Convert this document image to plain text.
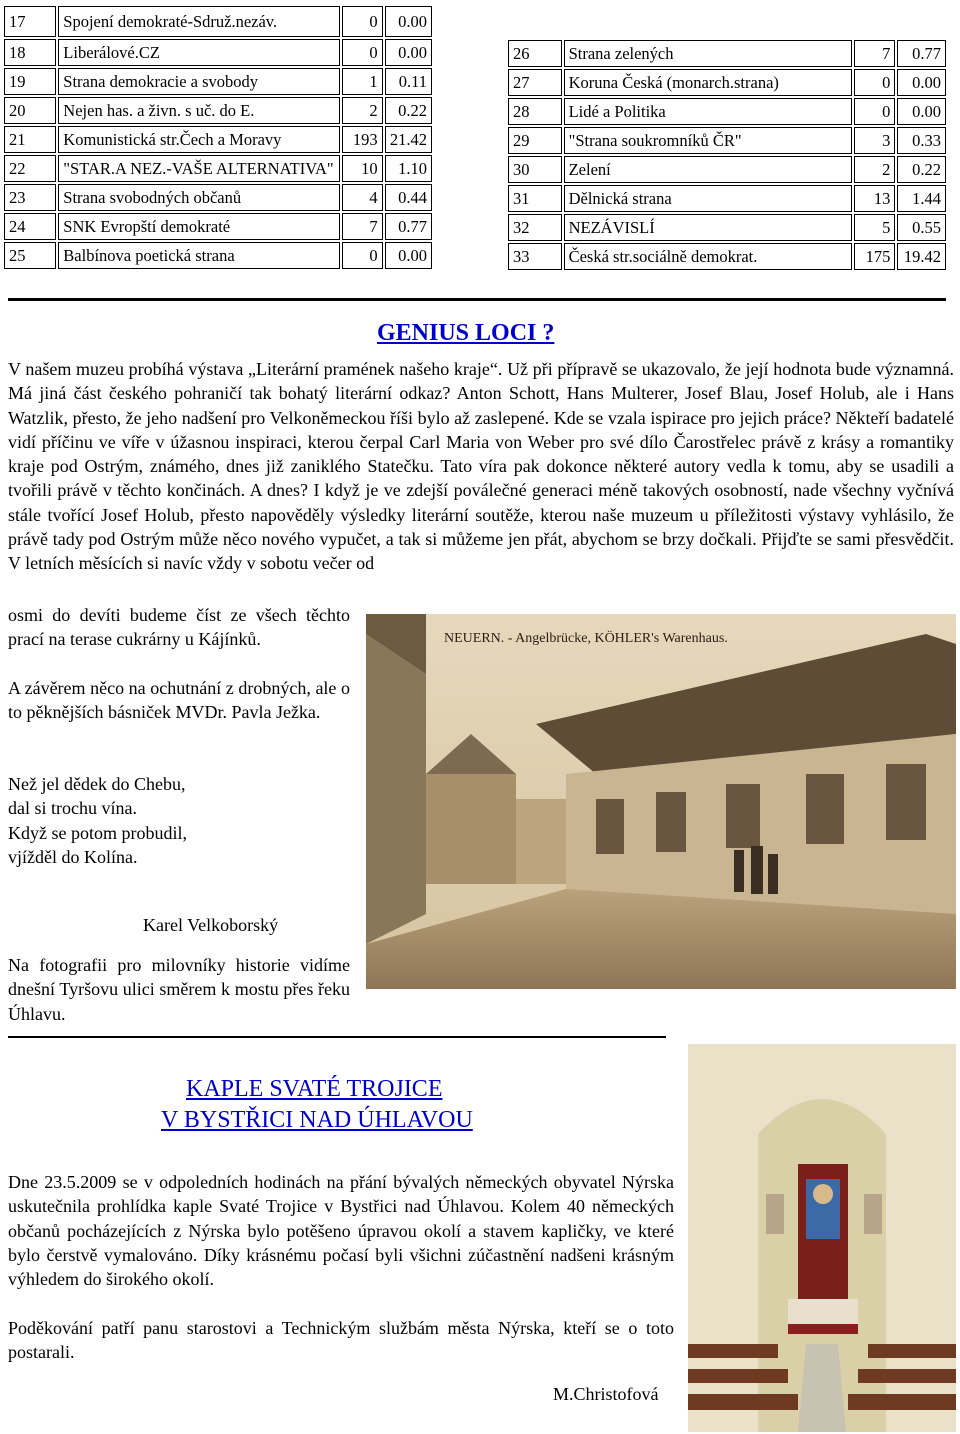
17	Spojení demokraté-Sdruž.nezáv.	0	0.00
18	Liberálové.CZ	0	0.00
19	Strana demokracie a svobody	1	0.11
20	Nejen has. a živn. s uč. do E.	2	0.22
21	Komunistická str.Čech a Moravy	193	21.42
22	"STAR.A NEZ.-VAŠE ALTERNATIVA"	10	1.10
23	Strana svobodných občanů	4	0.44
24	SNK Evropští demokraté	7	0.77
25	Balbínova poetická strana	0	0.00
26	Strana zelených	7	0.77
27	Koruna Česká (monarch.strana)	0	0.00
28	Lidé a Politika	0	0.00
29	"Strana soukromníků ČR"	3	0.33
30	Zelení	2	0.22
31	Dělnická strana	13	1.44
32	NEZÁVISLÍ	5	0.55
33	Česká str.sociálně demokrat.	175	19.42
GENIUS LOCI ?

V našem muzeu probíhá výstava „Literární pramének našeho kraje“. Už při přípravě se ukazovalo, že její hodnota bude významná. Má jiná část českého pohraničí tak bohatý literární odkaz? Anton Schott, Hans Multerer, Josef Blau, Josef Holub, ale i Hans Watzlik, přesto, že jeho nadšení pro Velkoněmeckou říši bylo až zaslepené. Kde se vzala ispirace pro jejich práce? Někteří badatelé vidí příčinu ve víře v úžasnou inspiraci, kterou čerpal Carl Maria von Weber pro své dílo Čarostřelec právě z krásy a romantiky kraje pod Ostrým, známého, dnes již zaniklého Statečku. Tato víra pak dokonce některé autory vedla k tomu, aby se usadili a tvořili právě v těchto končinách. A dnes? I když je ve zdejší poválečné generaci méně takových osobností, nade všechny vyčnívá stále tvořící Josef Holub, přesto napověděly výsledky literární soutěže, kterou naše muzeum u příležitosti výstavy vyhlásilo, že právě tady pod Ostrým může něco nového vypučet, a tak si můžeme jen přát, abychom se brzy dočkali. Přijďte se sami přesvědčit. V letních měsících si navíc vždy v sobotu večer od

osmi do devíti budeme číst ze všech těchto prací na terase cukrárny u Kájínků.

A závěrem něco na ochutnání z drobných, ale o to pěknějších básniček MVDr. Pavla Ježka.

Než jel dědek do Chebu,
dal si trochu vína.
Když se potom probudil,
vjížděl do Kolína.
Karel Velkoborský

Na fotografii pro milovníky historie vidíme dnešní Tyršovu ulici směrem k mostu přes řeku Úhlavu.

NEUERN. - Angelbrücke, KÖHLER's Warenhaus.
KAPLE SVATÉ TROJICE
V BYSTŘICI NAD ÚHLAVOU

Dne 23.5.2009 se v odpoledních hodinách na přání bývalých německých obyvatel Nýrska uskutečnila prohlídka kaple Svaté Trojice v Bystřici nad Úhlavou. Kolem 40 německých občanů pocházejících z Nýrska bylo potěšeno úpravou okolí a stavem kapličky, ve které bylo čerstvě vymalováno. Díky krásnému počasí byli všichni zúčastnění nadšeni krásným výhledem do širokého okolí.

Poděkování patří panu starostovi a Technickým službám města Nýrska, kteří se o toto postarali.

M.Christofová
